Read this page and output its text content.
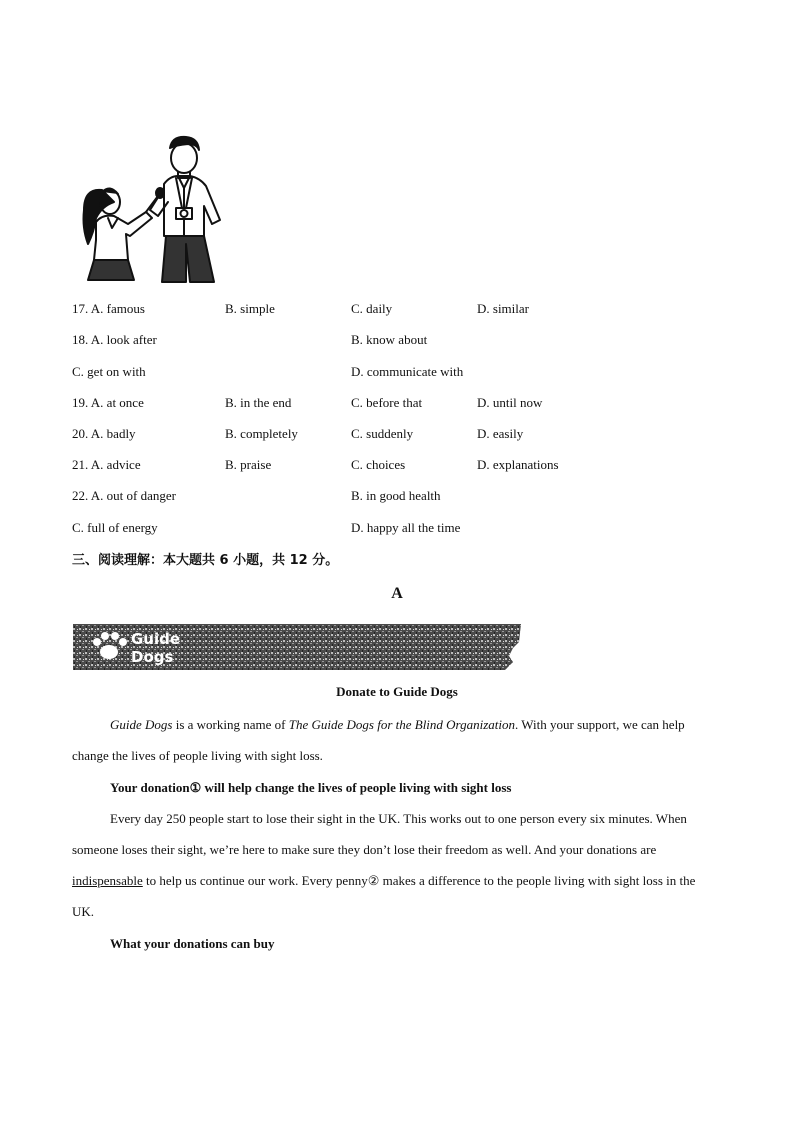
17. A. famous	B. simple	C. daily	D. similar
18. A. look after	B. know about
C. get on with	D. communicate with
19. A. at once	B. in the end	C. before that	D. until now
20. A. badly	B. completely	C. suddenly	D. easily
21. A. advice	B. praise	C. choices	D. explanations
22. A. out of danger	B. in good health
C. full of energy	D. happy all the time
三、阅读理解：本大题共 6 小题，共 12 分。
A
Guide
Dogs
Donate to Guide Dogs
Guide Dogs is a working name of The Guide Dogs for the Blind Organization. With your support, we can help change the lives of people living with sight loss.
Your donation① will help change the lives of people living with sight loss
Every day 250 people start to lose their sight in the UK. This works out to one person every six minutes. When someone loses their sight, we’re here to make sure they don’t lose their freedom as well. And your donations are indispensable to help us continue our work. Every penny② makes a difference to the people living with sight loss in the UK.
What your donations can buy
